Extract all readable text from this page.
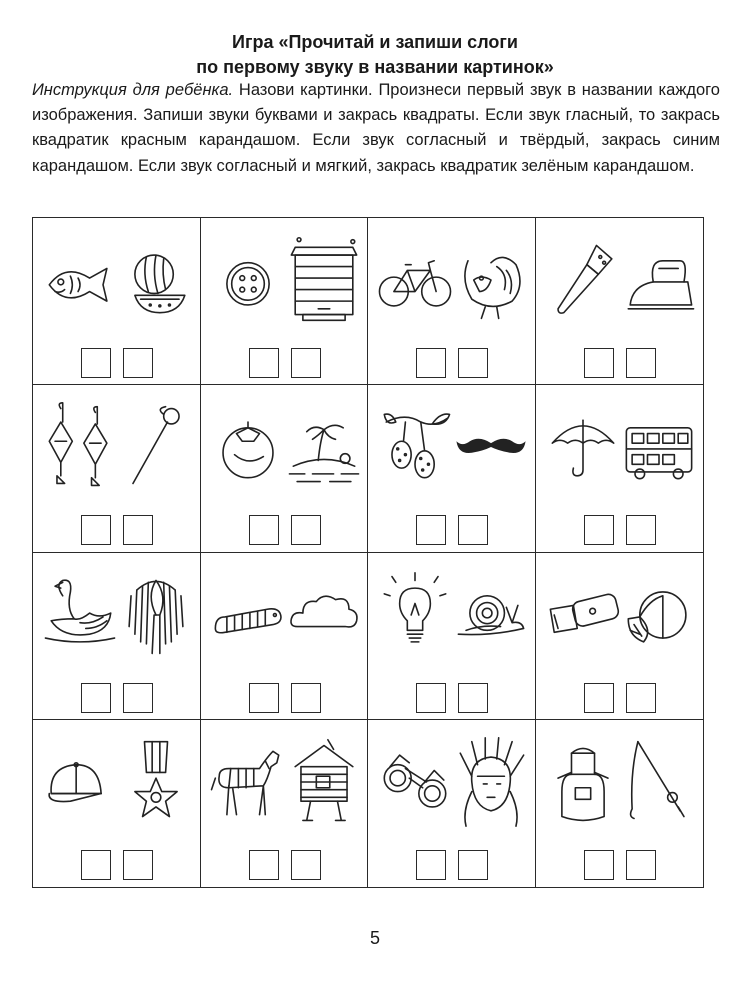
Игра «Прочитай и запиши слоги
по первому звуку в названии картинок»
Инструкция для ребёнка. Назови картинки. Произнеси первый звук в названии каждого изображения. Запиши звуки буквами и закрась квадраты. Если звук гласный, то закрась квадратик красным карандашом. Если звук согласный и твёрдый, закрась синим карандашом. Если звук согласный и мягкий, закрась квадратик зелёным карандашом.
5
